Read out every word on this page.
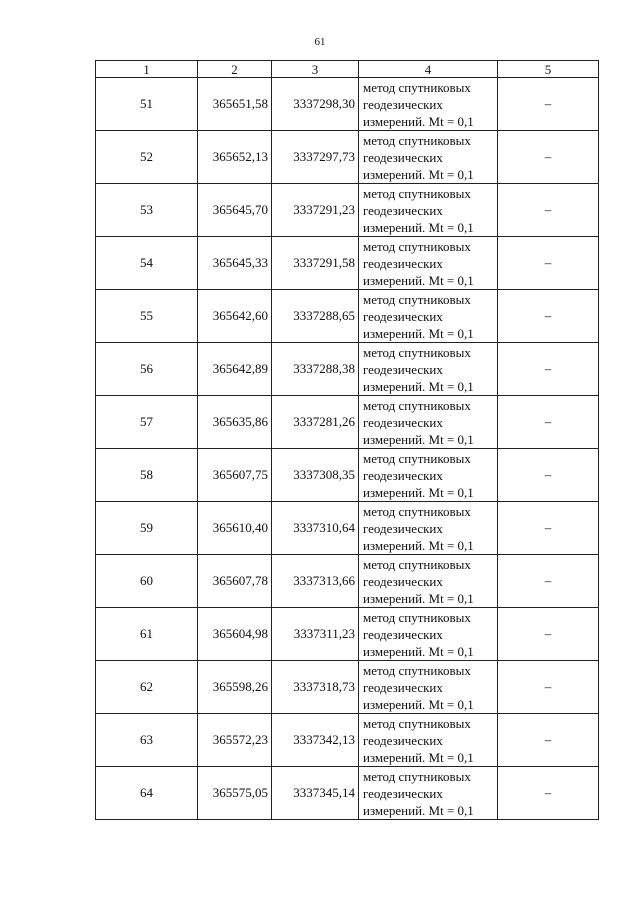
61
1	2	3	4	5
51	365651,58	3337298,30	метод спутниковых
геодезических
измерений. Mt = 0,1	–
52	365652,13	3337297,73	метод спутниковых
геодезических
измерений. Mt = 0,1	–
53	365645,70	3337291,23	метод спутниковых
геодезических
измерений. Mt = 0,1	–
54	365645,33	3337291,58	метод спутниковых
геодезических
измерений. Mt = 0,1	–
55	365642,60	3337288,65	метод спутниковых
геодезических
измерений. Mt = 0,1	–
56	365642,89	3337288,38	метод спутниковых
геодезических
измерений. Mt = 0,1	–
57	365635,86	3337281,26	метод спутниковых
геодезических
измерений. Mt = 0,1	–
58	365607,75	3337308,35	метод спутниковых
геодезических
измерений. Mt = 0,1	–
59	365610,40	3337310,64	метод спутниковых
геодезических
измерений. Mt = 0,1	–
60	365607,78	3337313,66	метод спутниковых
геодезических
измерений. Mt = 0,1	–
61	365604,98	3337311,23	метод спутниковых
геодезических
измерений. Mt = 0,1	–
62	365598,26	3337318,73	метод спутниковых
геодезических
измерений. Mt = 0,1	–
63	365572,23	3337342,13	метод спутниковых
геодезических
измерений. Mt = 0,1	–
64	365575,05	3337345,14	метод спутниковых
геодезических
измерений. Mt = 0,1	–
